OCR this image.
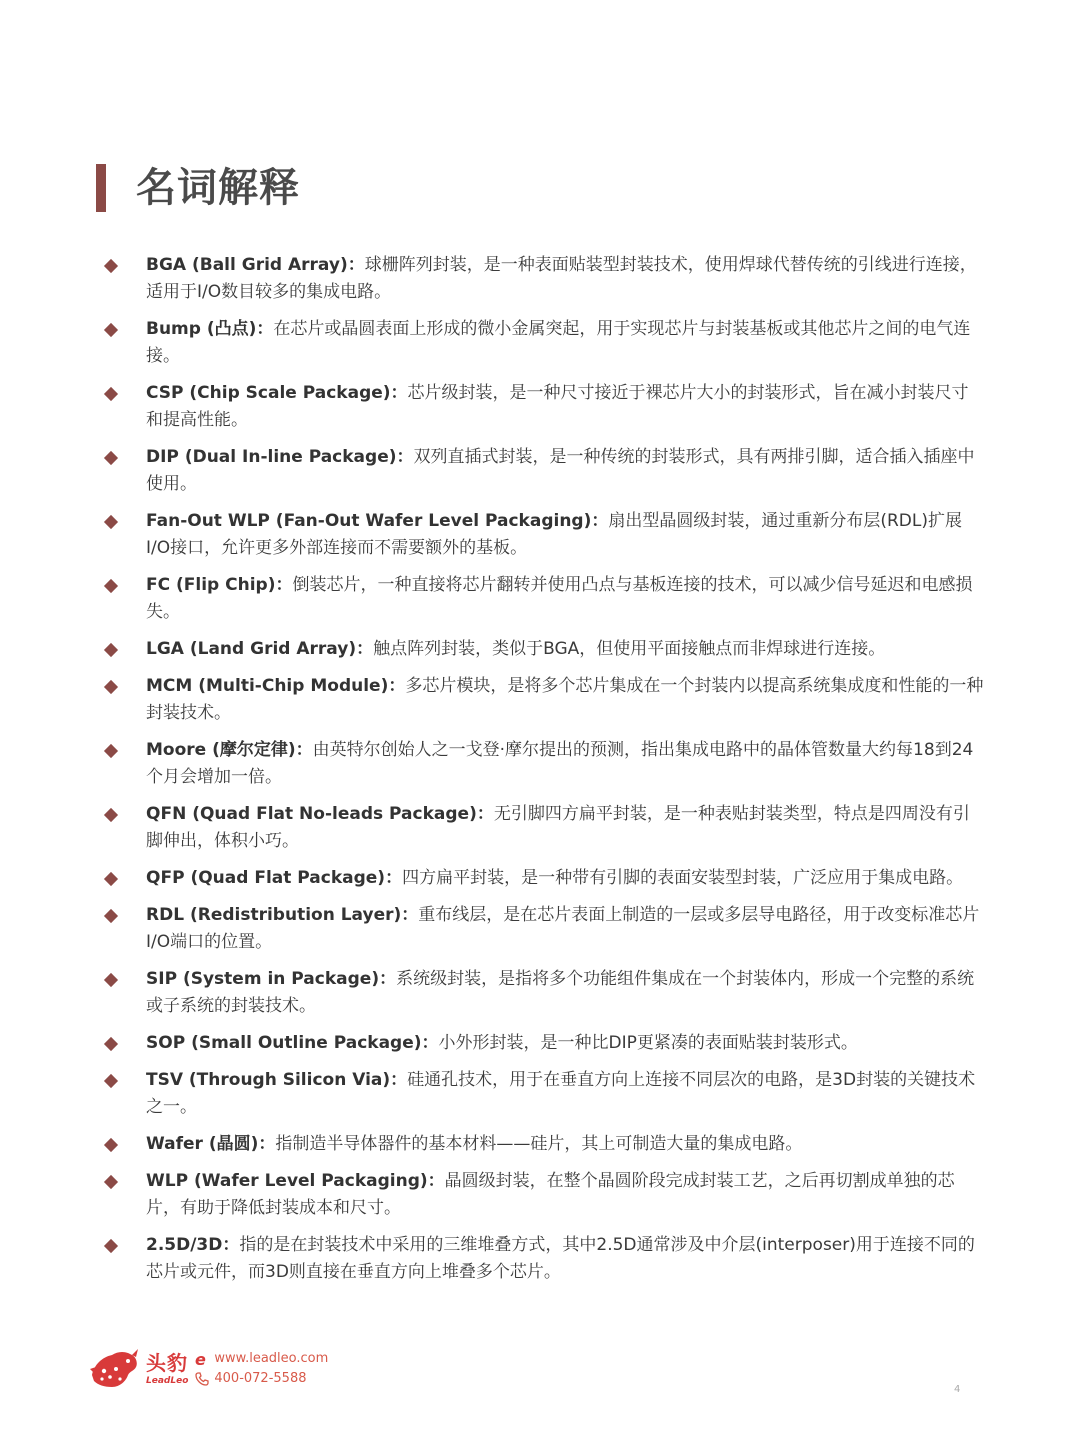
名词解释
BGA (Ball Grid Array)：球栅阵列封装，是一种表面贴装型封装技术，使用焊球代替传统的引线进行连接，适用于I/O数目较多的集成电路。
Bump (凸点)：在芯片或晶圆表面上形成的微小金属突起，用于实现芯片与封装基板或其他芯片之间的电气连接。
CSP (Chip Scale Package)：芯片级封装，是一种尺寸接近于裸芯片大小的封装形式，旨在减小封装尺寸和提高性能。
DIP (Dual In-line Package)：双列直插式封装，是一种传统的封装形式，具有两排引脚，适合插入插座中使用。
Fan-Out WLP (Fan-Out Wafer Level Packaging)：扇出型晶圆级封装，通过重新分布层(RDL)扩展I/O接口，允许更多外部连接而不需要额外的基板。
FC (Flip Chip)：倒装芯片，一种直接将芯片翻转并使用凸点与基板连接的技术，可以减少信号延迟和电感损失。
LGA (Land Grid Array)：触点阵列封装，类似于BGA，但使用平面接触点而非焊球进行连接。
MCM (Multi-Chip Module)：多芯片模块，是将多个芯片集成在一个封装内以提高系统集成度和性能的一种封装技术。
Moore (摩尔定律)：由英特尔创始人之一戈登·摩尔提出的预测，指出集成电路中的晶体管数量大约每18到24个月会增加一倍。
QFN (Quad Flat No-leads Package)：无引脚四方扁平封装，是一种表贴封装类型，特点是四周没有引脚伸出，体积小巧。
QFP (Quad Flat Package)：四方扁平封装，是一种带有引脚的表面安装型封装，广泛应用于集成电路。
RDL (Redistribution Layer)：重布线层，是在芯片表面上制造的一层或多层导电路径，用于改变标准芯片I/O端口的位置。
SIP (System in Package)：系统级封装，是指将多个功能组件集成在一个封装体内，形成一个完整的系统或子系统的封装技术。
SOP (Small Outline Package)：小外形封装，是一种比DIP更紧凑的表面贴装封装形式。
TSV (Through Silicon Via)：硅通孔技术，用于在垂直方向上连接不同层次的电路，是3D封装的关键技术之一。
Wafer (晶圆)：指制造半导体器件的基本材料——硅片，其上可制造大量的集成电路。
WLP (Wafer Level Packaging)：晶圆级封装，在整个晶圆阶段完成封装工艺，之后再切割成单独的芯片，有助于降低封装成本和尺寸。
2.5D/3D：指的是在封装技术中采用的三维堆叠方式，其中2.5D通常涉及中介层(interposer)用于连接不同的芯片或元件，而3D则直接在垂直方向上堆叠多个芯片。
头豹
LeadLeo
e www.leadleo.com
400-072-5588
4
